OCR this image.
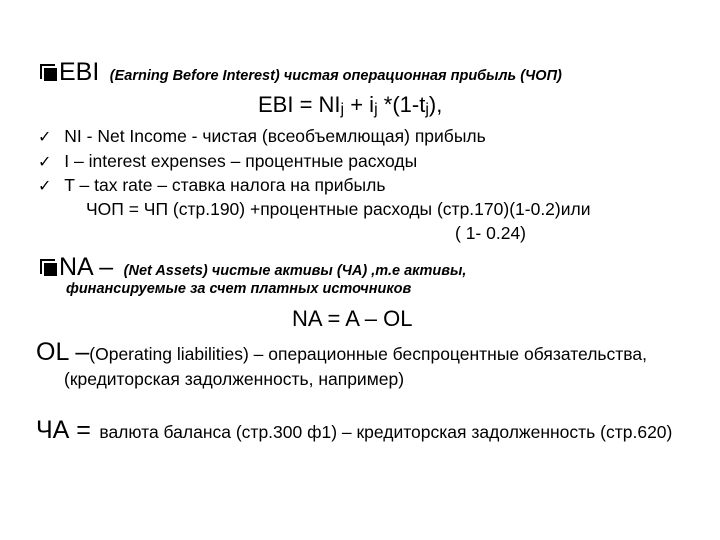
EBI (Earning Before Interest) чистая операционная прибыль (ЧОП)
EBI = $NI_j + i_j$ $*(1-t_j)$,
✓ NI - Net Income - чистая (всеобъемлющая) прибыль
✓ I – interest expenses – процентные расходы
✓ T – tax rate – ставка налога на прибыль
ЧОП = ЧП (стр.190) +процентные расходы (стр.170)(1-0.2)или
( 1- 0.24)
NA – (Net Assets) чистые активы (ЧА) ,т.е активы,
финансируемые за счет платных источников
NA = A – OL
OL –(Operating liabilities) – операционные беспроцентные обязательства,
(кредиторская задолженность, например)
ЧА = валюта баланса (стр.300 ф1) – кредиторская задолженность (стр.620)
